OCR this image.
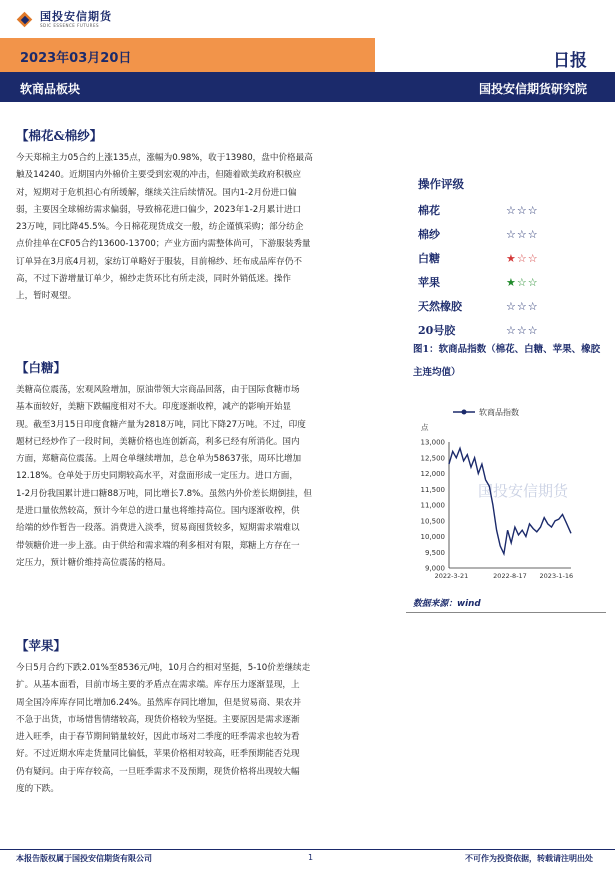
国投安信期货
SDIC ESSENCE FUTURES
2023年03月20日	日报
软商品板块	国投安信期货研究院
【棉花&棉纱】
今天郑棉主力05合约上涨135点，涨幅为0.98%，收于13980，盘中价格最高
触及14240。近期国内外棉价主要受到宏观的冲击，但随着欧美政府积极应
对，短期对于危机担心有所缓解，继续关注后续情况。国内1-2月份进口偏
弱，主要因全球棉纺需求偏弱，导致棉花进口偏少，2023年1-2月累计进口
23万吨，同比降45.5%。今日棉花现货成交一般，纺企谨慎采购；部分纺企
点价挂单在CF05合约13600-13700；产业方面内需整体尚可，下游服装秀量
订单异在3月底4月初，家纺订单略好于服装，目前棉纱、坯布成品库存仍不
高，不过下游增量订单少，棉纱走货环比有所走淡，同时外销低迷。操作
上，暂时观望。
【白糖】
美糖高位震荡，宏观风险增加，原油带领大宗商品回落，由于国际食糖市场
基本面较好，美糖下跌幅度相对不大。印度逐渐收榨，减产的影响开始显
现。截至3月15日印度食糖产量为2818万吨，同比下降27万吨。不过，印度
题材已经炒作了一段时间，美糖价格也连创新高，利多已经有所消化。国内
方面，郑糖高位震荡。上周仓单继续增加，总仓单为58637张，周环比增加
12.18%。仓单处于历史同期较高水平，对盘面形成一定压力。进口方面，
1-2月份我国累计进口糖88万吨，同比增长7.8%。虽然内外价差长期倒挂，但
是进口量依然较高，预计今年总的进口量也将维持高位。国内逐渐收榨，供
给端的炒作暂告一段落。消费进入淡季，贸易商囤货较多，短期需求端难以
带领糖价进一步上涨。由于供给和需求端的利多相对有限，郑糖上方存在一
定压力，预计糖价维持高位震荡的格局。
【苹果】
今日5月合约下跌2.01%至8536元/吨，10月合约相对坚挺，5-10价差继续走
扩。从基本面看，目前市场主要的矛盾点在需求端。库存压力逐渐显现，上
周全国冷库库存同比增加6.24%。虽然库存同比增加，但是贸易商、果农并
不急于出货，市场惜售情绪较高，现货价格较为坚挺。主要原因是需求逐渐
进入旺季，由于春节期间销量较好，因此市场对二季度的旺季需求也较为看
好。不过近期水库走货量同比偏低，苹果价格相对较高，旺季预期能否兑现
仍有疑问。由于库存较高，一旦旺季需求不及预期，现货价格将出现较大幅
度的下跌。
操作评级
棉花	☆☆☆
棉纱	☆☆☆
白糖	★☆☆
苹果	★☆☆
天然橡胶	☆☆☆
20号胶	☆☆☆
图1：软商品指数（棉花、白糖、苹果、橡胶主连均值）
国投安信期货
软商品指数
点
13,000
12,500
12,000
11,500
11,000
10,500
10,000
9,500
9,000
2022-3-21	2022-8-17 2023-1-16
数据来源：wind
本报告版权属于国投安信期货有限公司	1	不可作为投资依据，转载请注明出处
